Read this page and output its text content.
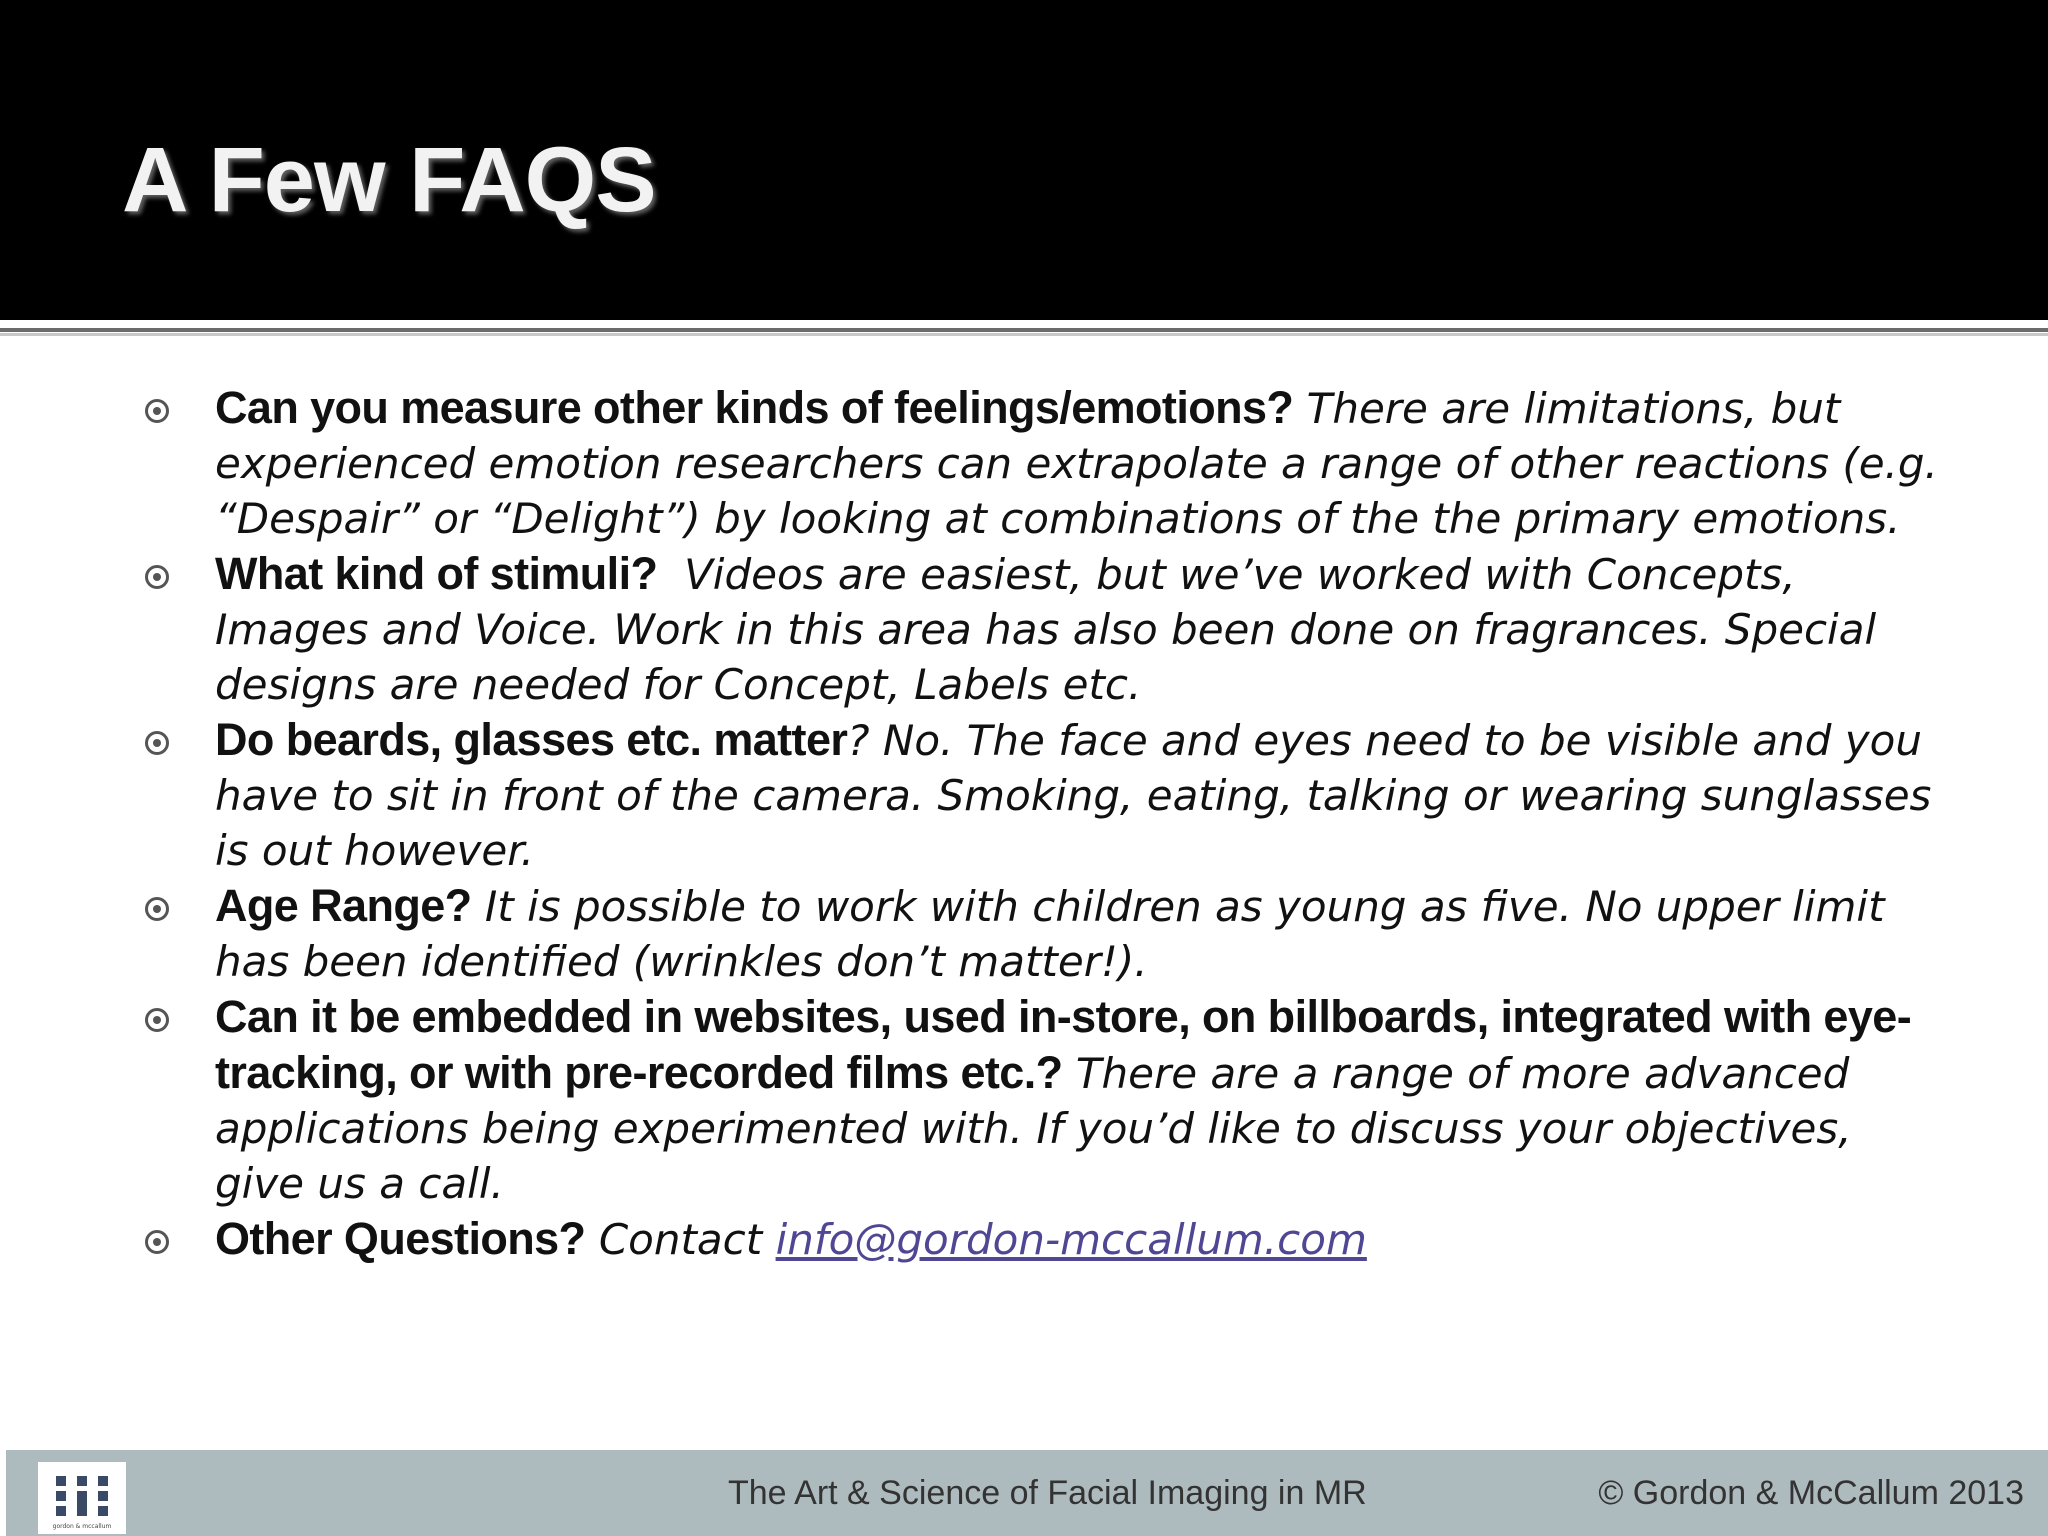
A Few FAQS
Can you measure other kinds of feelings/emotions? There are limitations, but experienced emotion researchers can extrapolate a range of other reactions (e.g. “Despair” or “Delight”) by looking at combinations of the the primary emotions.
What kind of stimuli? Videos are easiest, but we’ve worked with Concepts, Images and Voice. Work in this area has also been done on fragrances. Special designs are needed for Concept, Labels etc.
Do beards, glasses etc. matter? No. The face and eyes need to be visible and you have to sit in front of the camera. Smoking, eating, talking or wearing sunglasses is out however.
Age Range? It is possible to work with children as young as five. No upper limit has been identified (wrinkles don’t matter!).
Can it be embedded in websites, used in-store, on billboards, integrated with eye-tracking, or with pre-recorded films etc.? There are a range of more advanced applications being experimented with. If you’d like to discuss your objectives, give us a call.
Other Questions? Contact info@gordon-mccallum.com
gordon & mccallum
The Art & Science of Facial Imaging in MR	© Gordon & McCallum 2013
